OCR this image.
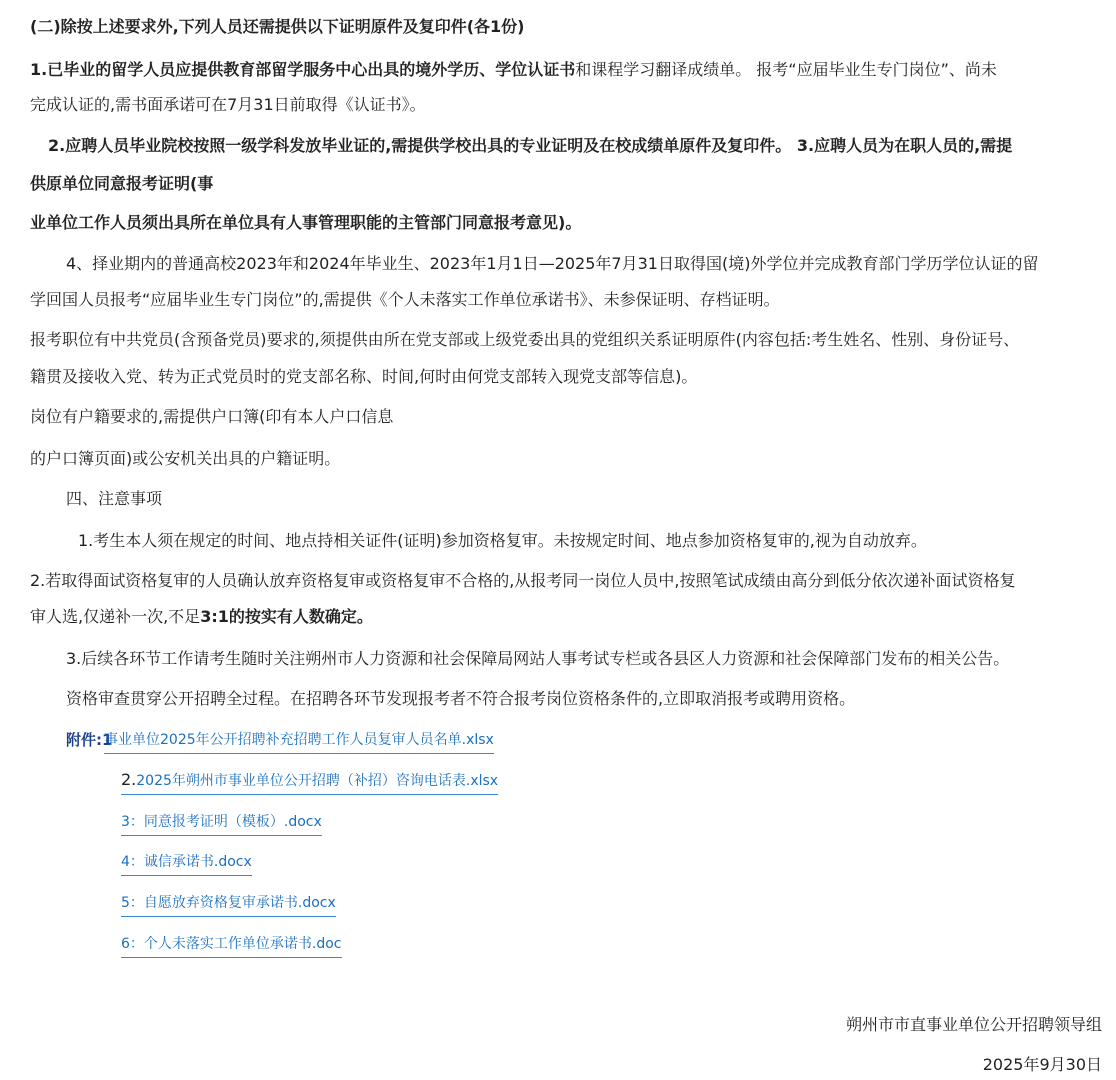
(二)除按上述要求外,下列人员还需提供以下证明原件及复印件(各1份)
1.已毕业的留学人员应提供教育部留学服务中心出具的境外学历、学位认证书和课程学习翻译成绩单。 报考“应届毕业生专门岗位”、尚未
完成认证的,需书面承诺可在7月31日前取得《认证书》。
2.应聘人员毕业院校按照一级学科发放毕业证的,需提供学校出具的专业证明及在校成绩单原件及复印件。 3.应聘人员为在职人员的,需提
供原单位同意报考证明(事
业单位工作人员须出具所在单位具有人事管理职能的主管部门同意报考意见)。
4、择业期内的普通高校2023年和2024年毕业生、2023年1月1日—2025年7月31日取得国(境)外学位并完成教育部门学历学位认证的留
学回国人员报考“应届毕业生专门岗位”的,需提供《个人未落实工作单位承诺书》、未参保证明、存档证明。
报考职位有中共党员(含预备党员)要求的,须提供由所在党支部或上级党委出具的党组织关系证明原件(内容包括:考生姓名、性别、身份证号、
籍贯及接收入党、转为正式党员时的党支部名称、时间,何时由何党支部转入现党支部等信息)。
岗位有户籍要求的,需提供户口簿(印有本人户口信息
的户口簿页面)或公安机关出具的户籍证明。
四、注意事项
1.考生本人须在规定的时间、地点持相关证件(证明)参加资格复审。未按规定时间、地点参加资格复审的,视为自动放弃。
2.若取得面试资格复审的人员确认放弃资格复审或资格复审不合格的,从报考同一岗位人员中,按照笔试成绩由高分到低分依次递补面试资格复
审人选,仅递补一次,不足3:1的按实有人数确定。
3.后续各环节工作请考生随时关注朔州市人力资源和社会保障局网站人事考试专栏或各县区人力资源和社会保障部门发布的相关公告。
资格审查贯穿公开招聘全过程。在招聘各环节发现报考者不符合报考岗位资格条件的,立即取消报考或聘用资格。
附件:1
事业单位2025年公开招聘补充招聘工作人员复审人员名单.xlsx
2.2025年朔州市事业单位公开招聘（补招）咨询电话表.xlsx
3：同意报考证明（模板）.docx
4：诚信承诺书.docx
5：自愿放弃资格复审承诺书.docx
6：个人未落实工作单位承诺书.doc
朔州市市直事业单位公开招聘领导组
2025年9月30日
